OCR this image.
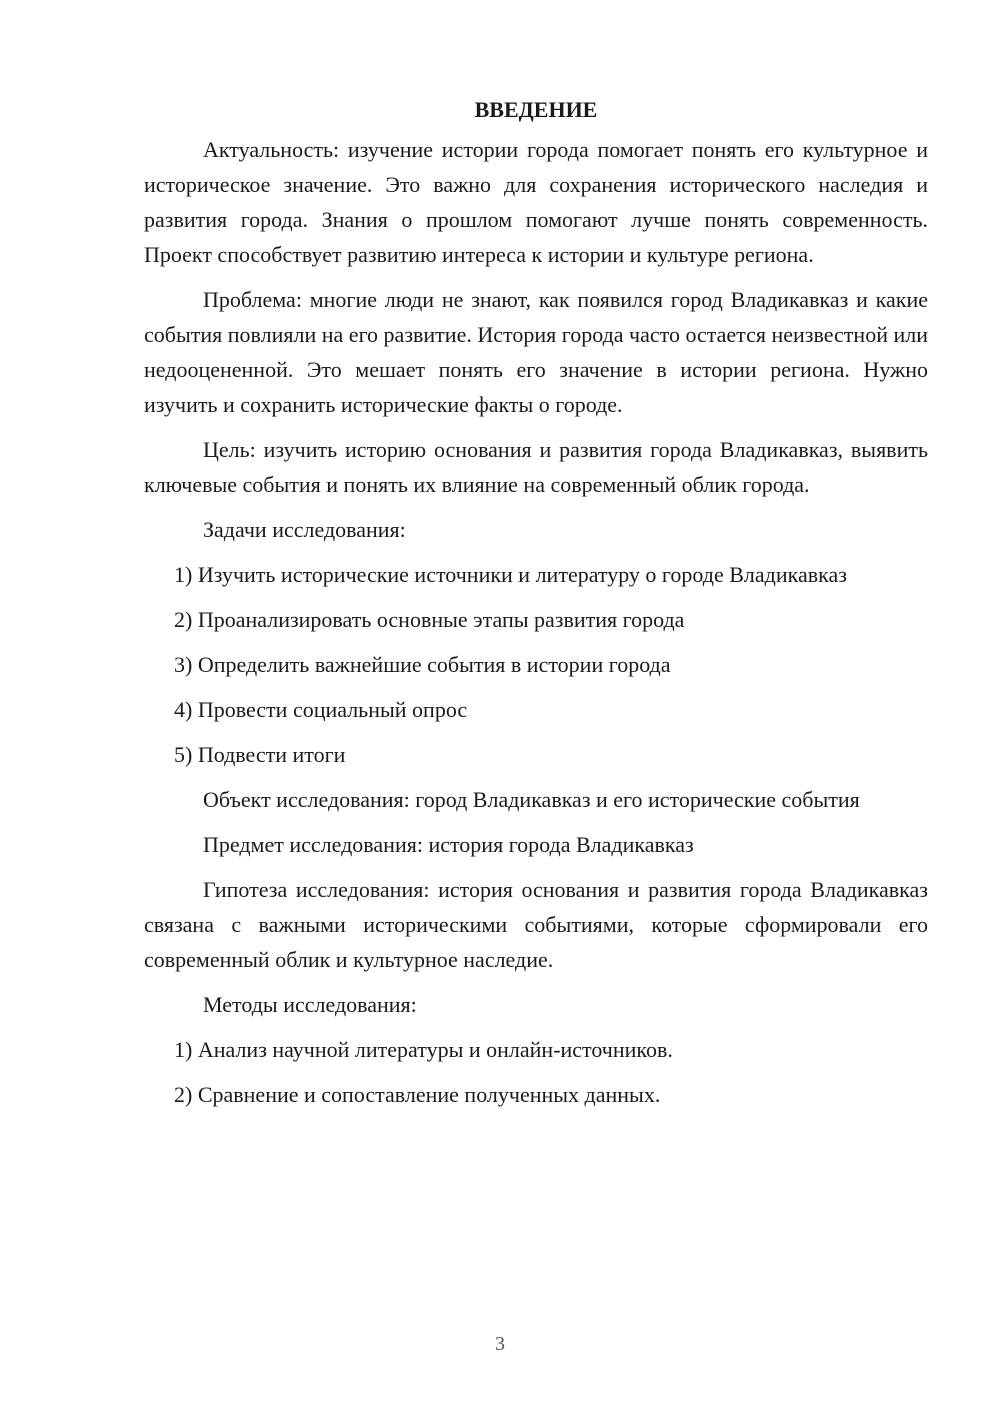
ВВЕДЕНИЕ

Актуальность: изучение истории города помогает понять его культурное и историческое значение. Это важно для сохранения исторического наследия и развития города. Знания о прошлом помогают лучше понять современность. Проект способствует развитию интереса к истории и культуре региона.

Проблема: многие люди не знают, как появился город Владикавказ и какие события повлияли на его развитие. История города часто остается неизвестной или недооцененной. Это мешает понять его значение в истории региона. Нужно изучить и сохранить исторические факты о городе.

Цель: изучить историю основания и развития города Владикавказ, выявить ключевые события и понять их влияние на современный облик города.

Задачи исследования:

1) Изучить исторические источники и литературу о городе Владикавказ

2) Проанализировать основные этапы развития города

3) Определить важнейшие события в истории города

4) Провести социальный опрос

5) Подвести итоги

Объект исследования: город Владикавказ и его исторические события

Предмет исследования: история города Владикавказ

Гипотеза исследования: история основания и развития города Владикавказ связана с важными историческими событиями, которые сформировали его современный облик и культурное наследие.

Методы исследования:

1) Анализ научной литературы и онлайн-источников.

2) Сравнение и сопоставление полученных данных.

3
